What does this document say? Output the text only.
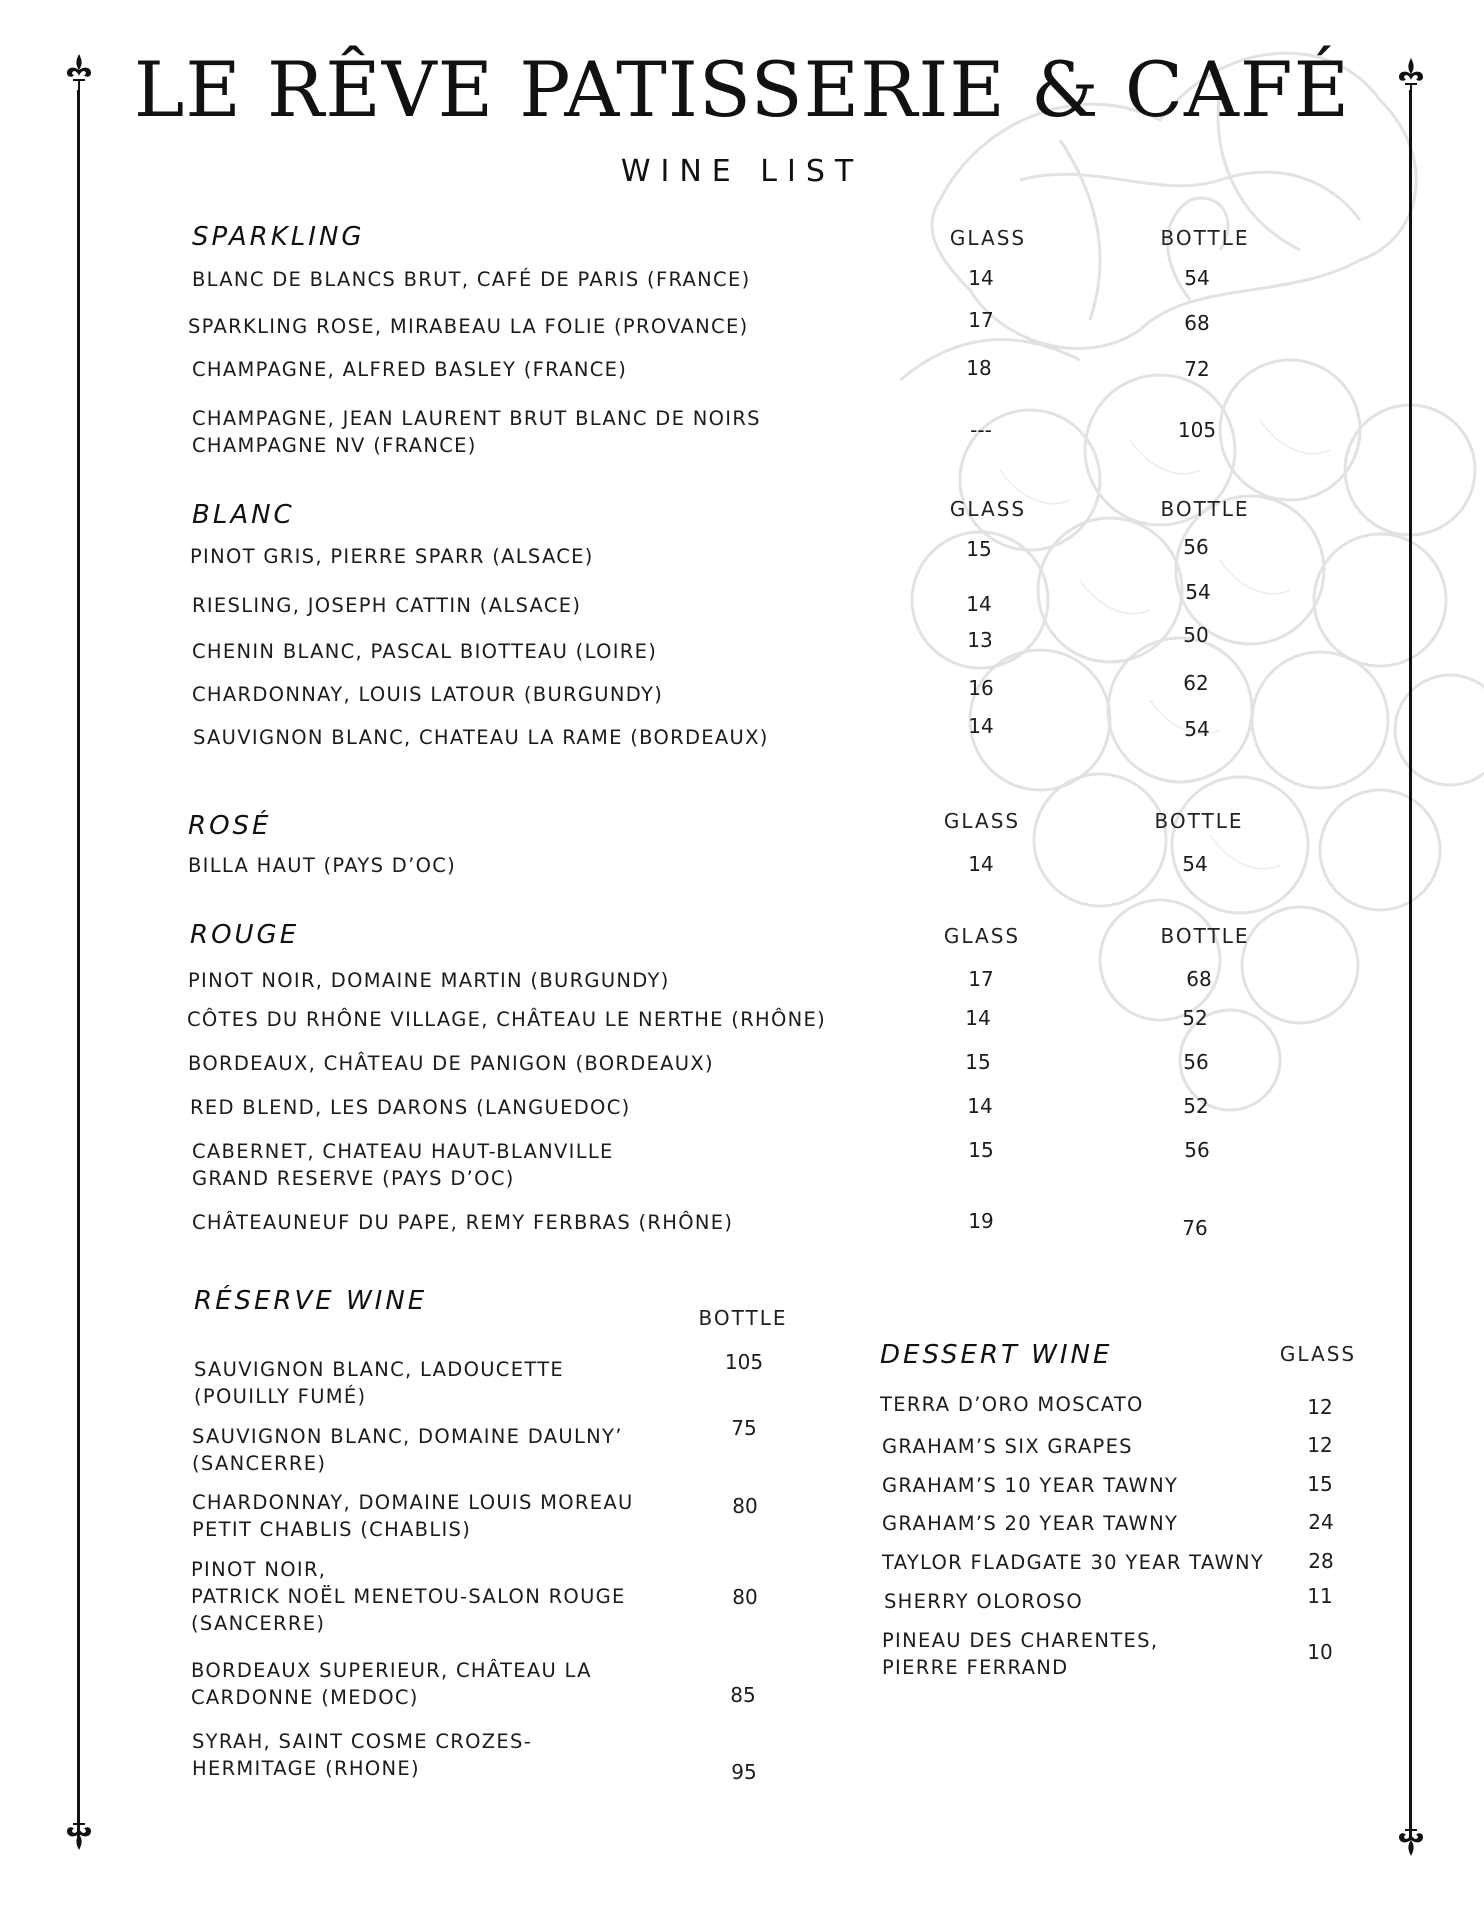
LE RÊVE PATISSERIE & CAFÉ
WINE LIST
SPARKLING	GLASS	BOTTLE
BLANC DE BLANCS BRUT, CAFÉ DE PARIS (FRANCE)	14	54
SPARKLING ROSE, MIRABEAU LA FOLIE (PROVANCE)	17	68
CHAMPAGNE, ALFRED BASLEY (FRANCE)	18	72
CHAMPAGNE, JEAN LAURENT BRUT BLANC DE NOIRS
CHAMPAGNE NV (FRANCE)
---	105
BLANC	GLASS	BOTTLE
PINOT GRIS, PIERRE SPARR (ALSACE)	15	56
RIESLING, JOSEPH CATTIN (ALSACE)	14	54
CHENIN BLANC, PASCAL BIOTTEAU (LOIRE)	13	50
CHARDONNAY, LOUIS LATOUR (BURGUNDY)	16	62
SAUVIGNON BLANC, CHATEAU LA RAME (BORDEAUX)	14	54
ROSÉ	GLASS	BOTTLE
BILLA HAUT (PAYS D’OC)	14	54
ROUGE	GLASS	BOTTLE
PINOT NOIR, DOMAINE MARTIN (BURGUNDY)	17	68
CÔTES DU RHÔNE VILLAGE, CHÂTEAU LE NERTHE (RHÔNE)	14	52
BORDEAUX, CHÂTEAU DE PANIGON (BORDEAUX)	15	56
RED BLEND, LES DARONS (LANGUEDOC)	14	52
CABERNET, CHATEAU HAUT-BLANVILLE
GRAND RESERVE (PAYS D’OC)
15	56
CHÂTEAUNEUF DU PAPE, REMY FERBRAS (RHÔNE)	19	76
RÉSERVE WINE
BOTTLE
SAUVIGNON BLANC, LADOUCETTE
(POUILLY FUMÉ)
105
SAUVIGNON BLANC, DOMAINE DAULNY’
(SANCERRE)
75
CHARDONNAY, DOMAINE LOUIS MOREAU
PETIT CHABLIS (CHABLIS)
80
PINOT NOIR,
PATRICK NOËL MENETOU-SALON ROUGE
(SANCERRE)
80
BORDEAUX SUPERIEUR, CHÂTEAU LA
CARDONNE (MEDOC)	85
SYRAH, SAINT COSME CROZES-
HERMITAGE (RHONE)	95
DESSERT WINE	GLASS
TERRA D’ORO MOSCATO	12
GRAHAM’S SIX GRAPES	12
GRAHAM’S 10 YEAR TAWNY	15
GRAHAM’S 20 YEAR TAWNY	24
TAYLOR FLADGATE 30 YEAR TAWNY	28
SHERRY OLOROSO	11
PINEAU DES CHARENTES,
PIERRE FERRAND
10
